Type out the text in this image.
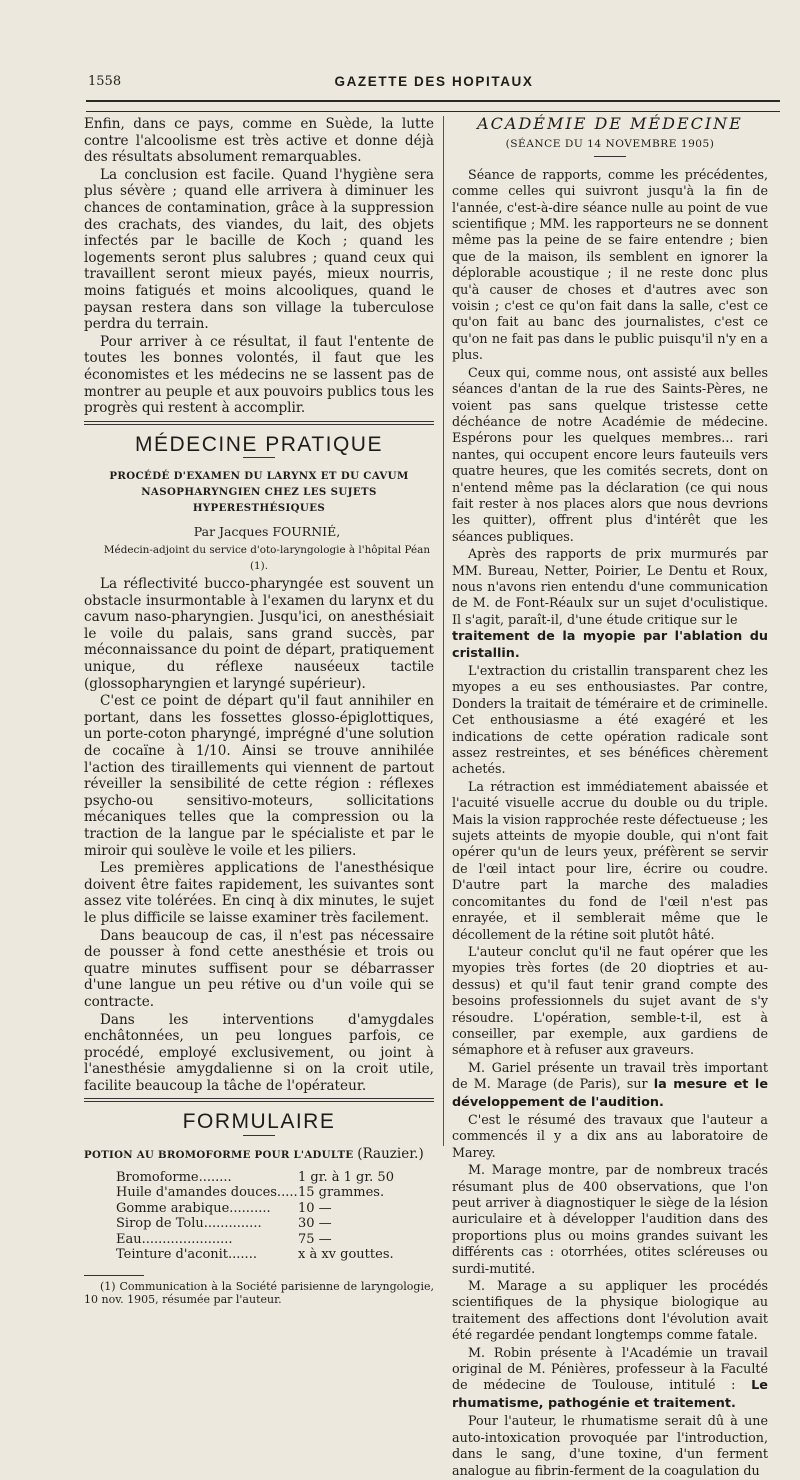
1558	GAZETTE DES HOPITAUX

Enfin, dans ce pays, comme en Suède, la lutte contre l'alcoolisme est très active et donne déjà des résultats absolument remarquables.

La conclusion est facile. Quand l'hygiène sera plus sévère ; quand elle arrivera à diminuer les chances de contamination, grâce à la suppression des crachats, des viandes, du lait, des objets infectés par le bacille de Koch ; quand les logements seront plus salubres ; quand ceux qui travaillent seront mieux payés, mieux nourris, moins fatigués et moins alcooliques, quand le paysan restera dans son village la tuberculose perdra du terrain.

Pour arriver à ce résultat, il faut l'entente de toutes les bonnes volontés, il faut que les économistes et les médecins ne se lassent pas de montrer au peuple et aux pouvoirs publics tous les progrès qui restent à accomplir.

MÉDECINE PRATIQUE
PROCÉDÉ D'EXAMEN DU LARYNX ET DU CAVUM NASOPHARYNGIEN CHEZ LES SUJETS HYPERESTHÉSIQUES

Par Jacques FOURNIÉ,

Médecin-adjoint du service d'oto-laryngologie à l'hôpital Péan (1).

La réflectivité bucco-pharyngée est souvent un obstacle insurmontable à l'examen du larynx et du cavum naso-pharyngien. Jusqu'ici, on anesthésiait le voile du palais, sans grand succès, par méconnaissance du point de départ, pratiquement unique, du réflexe nauséeux tactile (glossopharyngien et laryngé supérieur).

C'est ce point de départ qu'il faut annihiler en portant, dans les fossettes glosso-épiglottiques, un porte-coton pharyngé, imprégné d'une solution de cocaïne à 1/10. Ainsi se trouve annihilée l'action des tiraillements qui viennent de partout réveiller la sensibilité de cette région : réflexes psycho-ou sensitivo-moteurs, sollicitations mécaniques telles que la compression ou la traction de la langue par le spécialiste et par le miroir qui soulève le voile et les piliers.

Les premières applications de l'anesthésique doivent être faites rapidement, les suivantes sont assez vite tolérées. En cinq à dix minutes, le sujet le plus difficile se laisse examiner très facilement.

Dans beaucoup de cas, il n'est pas nécessaire de pousser à fond cette anesthésie et trois ou quatre minutes suffisent pour se débarrasser d'une langue un peu rétive ou d'un voile qui se contracte.

Dans les interventions d'amygdales enchâtonnées, un peu longues parfois, ce procédé, employé exclusivement, ou joint à l'anesthésie amygdalienne si on la croit utile, facilite beaucoup la tâche de l'opérateur.

FORMULAIRE
POTION AU BROMOFORME POUR L'ADULTE (Rauzier.)
Bromoforme........	1 gr. à 1 gr. 50
Huile d'amandes douces..... 15 grammes.
Gomme arabique..........	10 —
Sirop de Tolu..............	30 —
Eau......................	75 —
Teinture d'aconit.......	x à xv gouttes.

(1) Communication à la Société parisienne de laryngologie, 10 nov. 1905, résumée par l'auteur.

ACADÉMIE DE MÉDECINE
(SÉANCE DU 14 NOVEMBRE 1905)

Séance de rapports, comme les précédentes, comme celles qui suivront jusqu'à la fin de l'année, c'est-à-dire séance nulle au point de vue scientifique ; MM. les rapporteurs ne se donnent même pas la peine de se faire entendre ; bien que de la maison, ils semblent en ignorer la déplorable acoustique ; il ne reste donc plus qu'à causer de choses et d'autres avec son voisin ; c'est ce qu'on fait dans la salle, c'est ce qu'on fait au banc des journalistes, c'est ce qu'on ne fait pas dans le public puisqu'il n'y en a plus.

Ceux qui, comme nous, ont assisté aux belles séances d'antan de la rue des Saints-Pères, ne voient pas sans quelque tristesse cette déchéance de notre Académie de médecine. Espérons pour les quelques membres... rari nantes, qui occupent encore leurs fauteuils vers quatre heures, que les comités secrets, dont on n'entend même pas la déclaration (ce qui nous fait rester à nos places alors que nous devrions les quitter), offrent plus d'intérêt que les séances publiques.

Après des rapports de prix murmurés par MM. Bureau, Netter, Poirier, Le Dentu et Roux, nous n'avons rien entendu d'une communication de M. de Font-Réaulx sur un sujet d'oculistique. Il s'agit, paraît-il, d'une étude critique sur le

traitement de la myopie par l'ablation du cristallin.

L'extraction du cristallin transparent chez les myopes a eu ses enthousiastes. Par contre, Donders la traitait de téméraire et de criminelle. Cet enthousiasme a été exagéré et les indications de cette opération radicale sont assez restreintes, et ses bénéfices chèrement achetés.

La rétraction est immédiatement abaissée et l'acuité visuelle accrue du double ou du triple. Mais la vision rapprochée reste défectueuse ; les sujets atteints de myopie double, qui n'ont fait opérer qu'un de leurs yeux, préfèrent se servir de l'œil intact pour lire, écrire ou coudre. D'autre part la marche des maladies concomitantes du fond de l'œil n'est pas enrayée, et il semblerait même que le décollement de la rétine soit plutôt hâté.

L'auteur conclut qu'il ne faut opérer que les myopies très fortes (de 20 dioptries et au-dessus) et qu'il faut tenir grand compte des besoins professionnels du sujet avant de s'y résoudre. L'opération, semble-t-il, est à conseiller, par exemple, aux gardiens de sémaphore et à refuser aux graveurs.

M. Gariel présente un travail très important de M. Marage (de Paris), sur la mesure et le développement de l'audition.

C'est le résumé des travaux que l'auteur a commencés il y a dix ans au laboratoire de Marey.

M. Marage montre, par de nombreux tracés résumant plus de 400 observations, que l'on peut arriver à diagnostiquer le siège de la lésion auriculaire et à développer l'audition dans des proportions plus ou moins grandes suivant les différents cas : otorrhées, otites scléreuses ou surdi-mutité.

M. Marage a su appliquer les procédés scientifiques de la physique biologique au traitement des affections dont l'évolution avait été regardée pendant longtemps comme fatale.

M. Robin présente à l'Académie un travail original de M. Pénières, professeur à la Faculté de médecine de Toulouse, intitulé : Le rhumatisme, pathogénie et traitement.

Pour l'auteur, le rhumatisme serait dû à une auto-intoxication provoquée par l'introduction, dans le sang, d'une toxine, d'un ferment analogue au fibrin-ferment de la coagulation du
